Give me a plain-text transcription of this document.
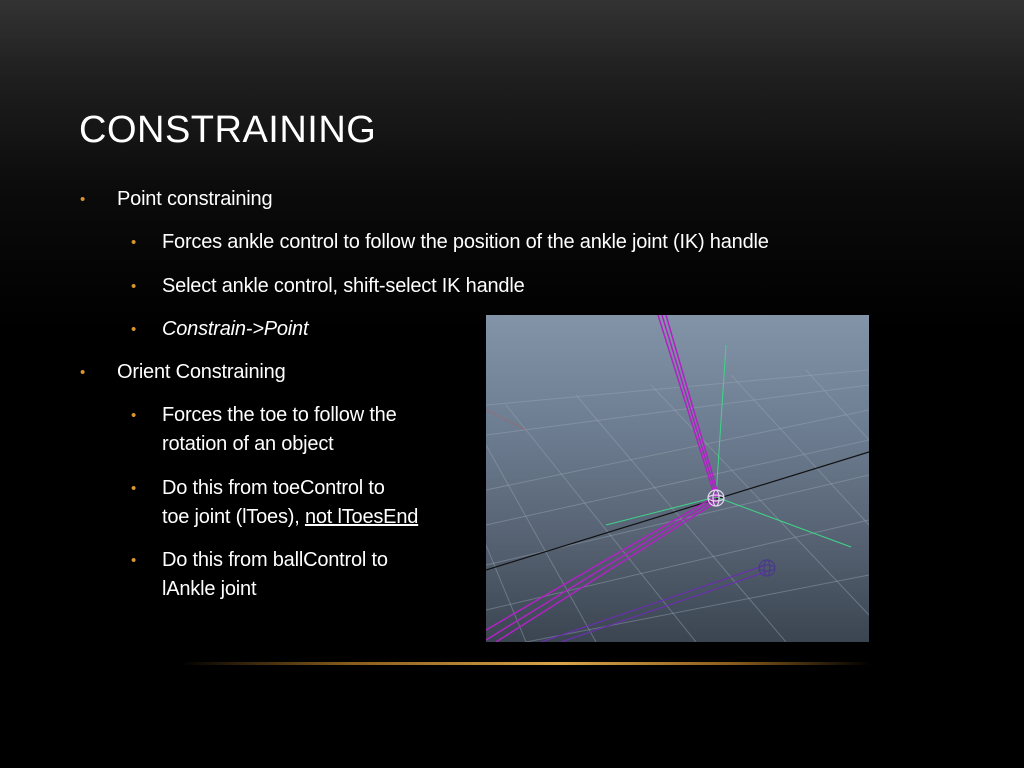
CONSTRAINING
• Point constraining
• Forces ankle control to follow the position of the ankle joint (IK) handle
• Select ankle control, shift-select IK handle
• Constrain->Point
• Orient Constraining
• Forces the toe to follow the
rotation of an object
• Do this from toeControl to
toe joint (lToes), not lToesEnd
• Do this from ballControl to
lAnkle joint
